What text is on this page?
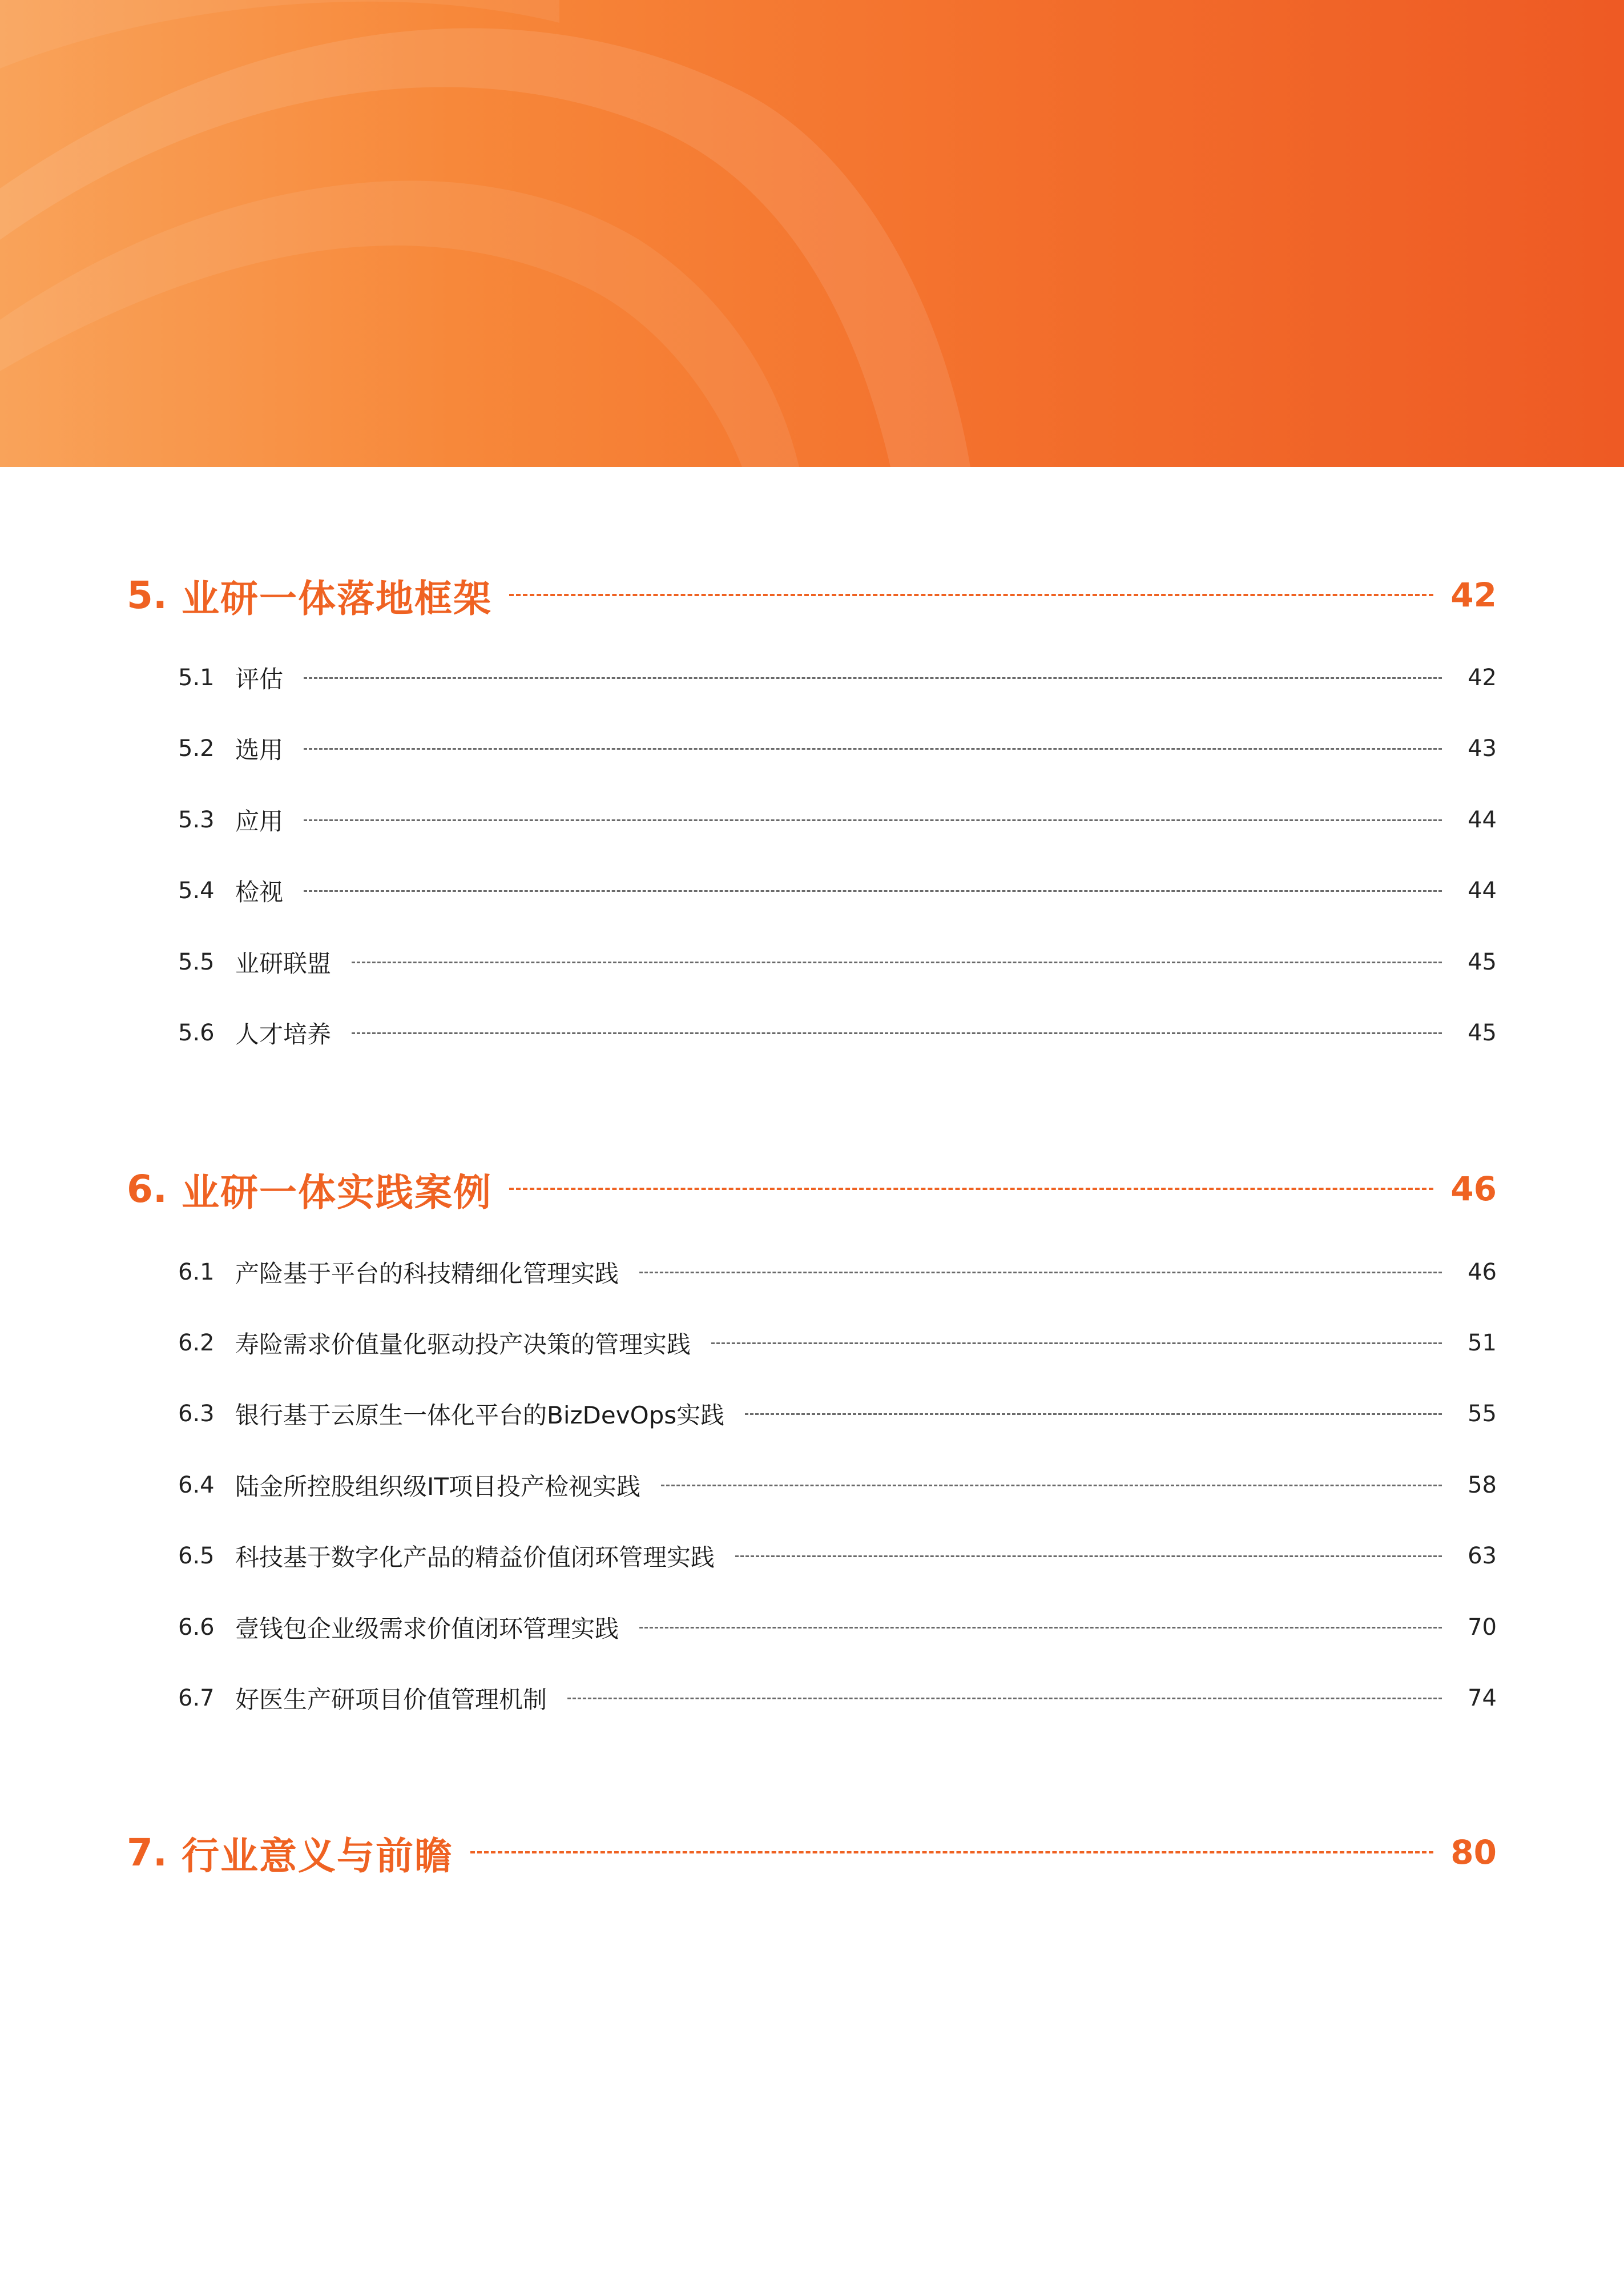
5. 业研一体落地框架	42
5.1 评估	42
5.2 选用	43
5.3 应用	44
5.4 检视	44
5.5 业研联盟	45
5.6 人才培养	45
6. 业研一体实践案例	46
6.1 产险基于平台的科技精细化管理实践	46
6.2 寿险需求价值量化驱动投产决策的管理实践	51
6.3 银行基于云原生一体化平台的BizDevOps实践	55
6.4 陆金所控股组织级IT项目投产检视实践	58
6.5 科技基于数字化产品的精益价值闭环管理实践	63
6.6 壹钱包企业级需求价值闭环管理实践	70
6.7 好医生产研项目价值管理机制	74
7. 行业意义与前瞻	80
